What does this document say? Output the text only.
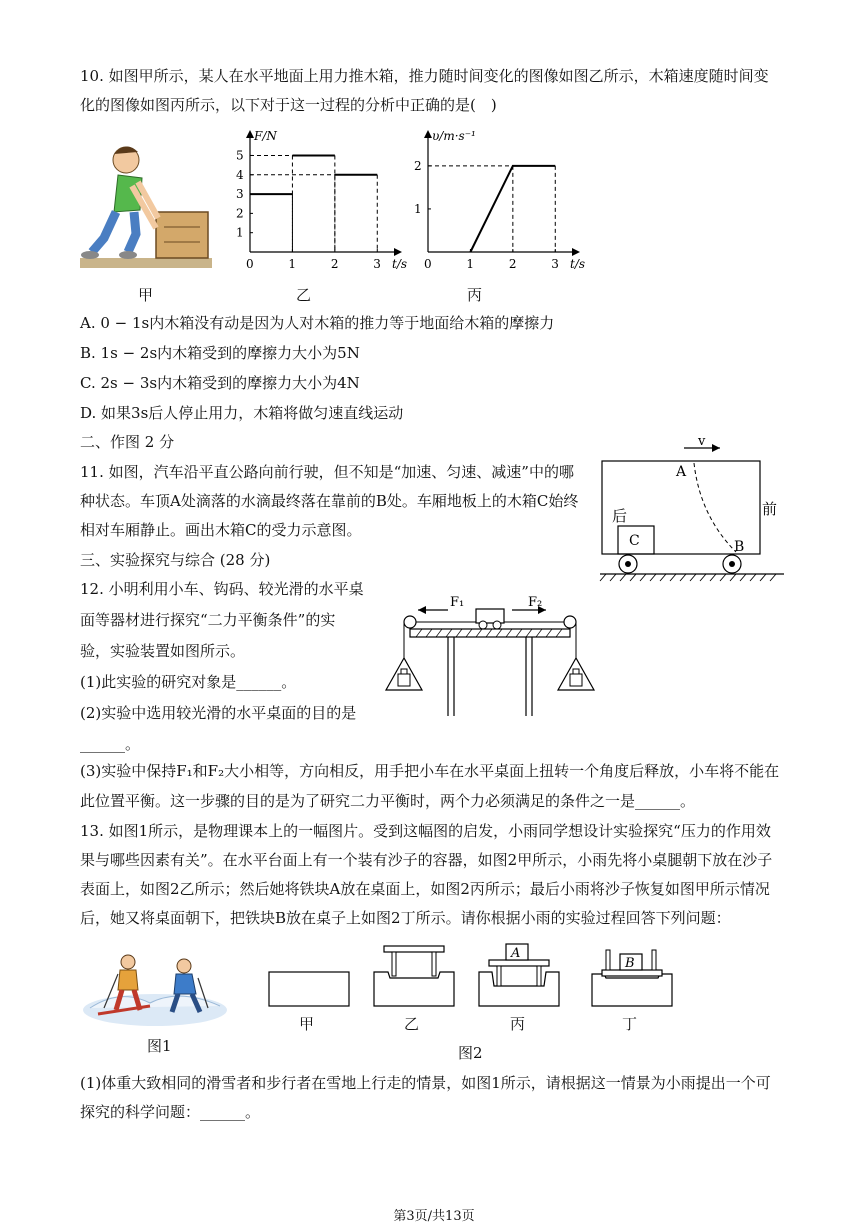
10. 如图甲所示，某人在水平地面上用力推木箱，推力随时间变化的图像如图乙所示，木箱速度随时间变
化的图像如图丙所示，以下对于这一过程的分析中正确的是(　)
甲
F/N
t/s
0	1	2	3
1
2
3
4
5
乙
υ/m·s⁻¹
t/s
0	1	2	3
1
2
丙
A. 0 − 1s内木箱没有动是因为人对木箱的推力等于地面给木箱的摩擦力
B. 1s − 2s内木箱受到的摩擦力大小为5N
C. 2s − 3s内木箱受到的摩擦力大小为4N
D. 如果3s后人停止用力，木箱将做匀速直线运动
二、作图 2 分
11. 如图，汽车沿平直公路向前行驶，但不知是“加速、匀速、减速”中的哪
种状态。车顶A处滴落的水滴最终落在靠前的B处。车厢地板上的木箱C始终
相对车厢静止。画出木箱C的受力示意图。
v
A
B
C
后	前
三、实验探究与综合 (28 分)
12. 小明利用小车、钩码、较光滑的水平桌
面等器材进行探究“二力平衡条件”的实
验，实验装置如图所示。
(1)此实验的研究对象是______。
(2)实验中选用较光滑的水平桌面的目的是
______。
(3)实验中保持F₁和F₂大小相等，方向相反，用手把小车在水平桌面上扭转一个角度后释放，小车将不能在
此位置平衡。这一步骤的目的是为了研究二力平衡时，两个力必须满足的条件之一是______。
F₁	F₂
13. 如图1所示，是物理课本上的一幅图片。受到这幅图的启发，小雨同学想设计实验探究“压力的作用效
果与哪些因素有关”。在水平台面上有一个装有沙子的容器，如图2甲所示，小雨先将小桌腿朝下放在沙子
表面上，如图2乙所示；然后她将铁块A放在桌面上，如图2丙所示；最后小雨将沙子恢复如图甲所示情况
后，她又将桌面朝下，把铁块B放在桌子上如图2丁所示。请你根据小雨的实验过程回答下列问题：
图1
A
B
甲	乙	丙	丁
图2
(1)体重大致相同的滑雪者和步行者在雪地上行走的情景，如图1所示，请根据这一情景为小雨提出一个可
探究的科学问题：______。
第3页/共13页
